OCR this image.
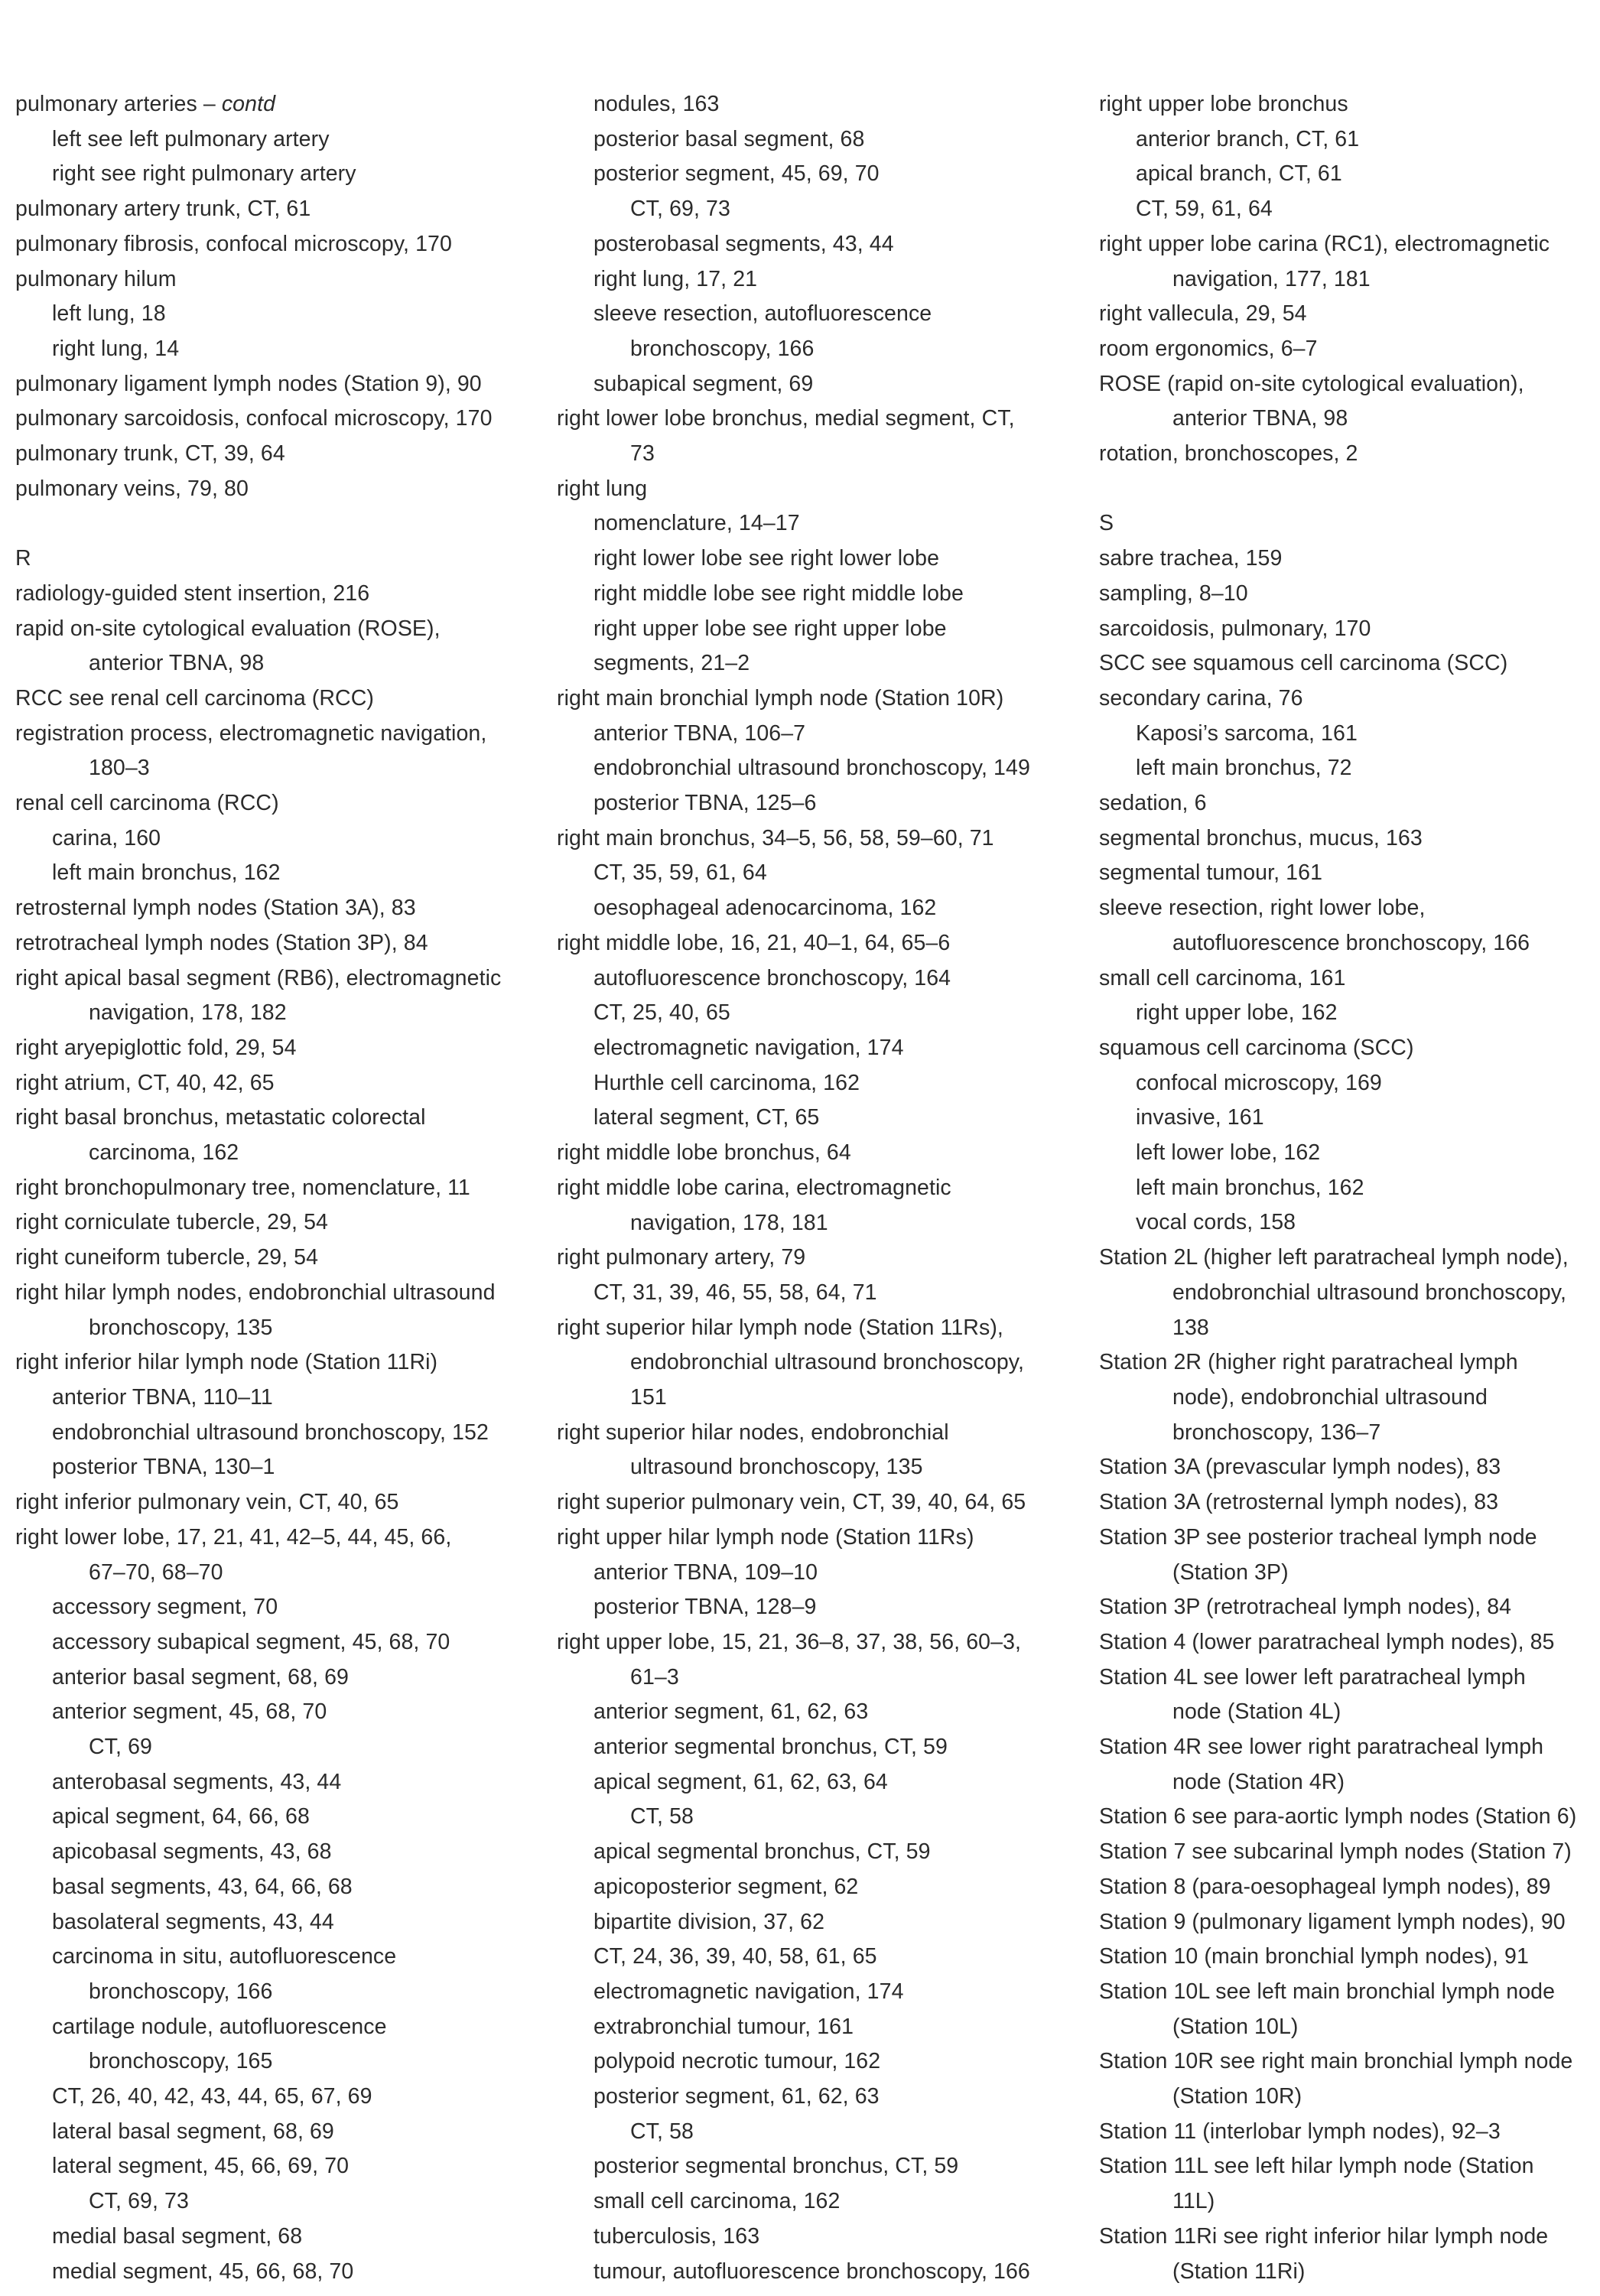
pulmonary arteries – contd
left see left pulmonary artery
right see right pulmonary artery
pulmonary artery trunk, CT, 61
pulmonary fibrosis, confocal microscopy, 170
pulmonary hilum
left lung, 18
right lung, 14
pulmonary ligament lymph nodes (Station 9), 90
pulmonary sarcoidosis, confocal microscopy, 170
pulmonary trunk, CT, 39, 64
pulmonary veins, 79, 80
R
radiology-guided stent insertion, 216
rapid on-site cytological evaluation (ROSE),
anterior TBNA, 98
RCC see renal cell carcinoma (RCC)
registration process, electromagnetic navigation,
180–3
renal cell carcinoma (RCC)
carina, 160
left main bronchus, 162
retrosternal lymph nodes (Station 3A), 83
retrotracheal lymph nodes (Station 3P), 84
right apical basal segment (RB6), electromagnetic
navigation, 178, 182
right aryepiglottic fold, 29, 54
right atrium, CT, 40, 42, 65
right basal bronchus, metastatic colorectal
carcinoma, 162
right bronchopulmonary tree, nomenclature, 11
right corniculate tubercle, 29, 54
right cuneiform tubercle, 29, 54
right hilar lymph nodes, endobronchial ultrasound
bronchoscopy, 135
right inferior hilar lymph node (Station 11Ri)
anterior TBNA, 110–11
endobronchial ultrasound bronchoscopy, 152
posterior TBNA, 130–1
right inferior pulmonary vein, CT, 40, 65
right lower lobe, 17, 21, 41, 42–5, 44, 45, 66,
67–70, 68–70
accessory segment, 70
accessory subapical segment, 45, 68, 70
anterior basal segment, 68, 69
anterior segment, 45, 68, 70
CT, 69
anterobasal segments, 43, 44
apical segment, 64, 66, 68
apicobasal segments, 43, 68
basal segments, 43, 64, 66, 68
basolateral segments, 43, 44
carcinoma in situ, autofluorescence
bronchoscopy, 166
cartilage nodule, autofluorescence
bronchoscopy, 165
CT, 26, 40, 42, 43, 44, 65, 67, 69
lateral basal segment, 68, 69
lateral segment, 45, 66, 69, 70
CT, 69, 73
medial basal segment, 68
medial segment, 45, 66, 68, 70
nodules, 163
posterior basal segment, 68
posterior segment, 45, 69, 70
CT, 69, 73
posterobasal segments, 43, 44
right lung, 17, 21
sleeve resection, autofluorescence
bronchoscopy, 166
subapical segment, 69
right lower lobe bronchus, medial segment, CT,
73
right lung
nomenclature, 14–17
right lower lobe see right lower lobe
right middle lobe see right middle lobe
right upper lobe see right upper lobe
segments, 21–2
right main bronchial lymph node (Station 10R)
anterior TBNA, 106–7
endobronchial ultrasound bronchoscopy, 149
posterior TBNA, 125–6
right main bronchus, 34–5, 56, 58, 59–60, 71
CT, 35, 59, 61, 64
oesophageal adenocarcinoma, 162
right middle lobe, 16, 21, 40–1, 64, 65–6
autofluorescence bronchoscopy, 164
CT, 25, 40, 65
electromagnetic navigation, 174
Hurthle cell carcinoma, 162
lateral segment, CT, 65
right middle lobe bronchus, 64
right middle lobe carina, electromagnetic
navigation, 178, 181
right pulmonary artery, 79
CT, 31, 39, 46, 55, 58, 64, 71
right superior hilar lymph node (Station 11Rs),
endobronchial ultrasound bronchoscopy,
151
right superior hilar nodes, endobronchial
ultrasound bronchoscopy, 135
right superior pulmonary vein, CT, 39, 40, 64, 65
right upper hilar lymph node (Station 11Rs)
anterior TBNA, 109–10
posterior TBNA, 128–9
right upper lobe, 15, 21, 36–8, 37, 38, 56, 60–3,
61–3
anterior segment, 61, 62, 63
anterior segmental bronchus, CT, 59
apical segment, 61, 62, 63, 64
CT, 58
apical segmental bronchus, CT, 59
apicoposterior segment, 62
bipartite division, 37, 62
CT, 24, 36, 39, 40, 58, 61, 65
electromagnetic navigation, 174
extrabronchial tumour, 161
polypoid necrotic tumour, 162
posterior segment, 61, 62, 63
CT, 58
posterior segmental bronchus, CT, 59
small cell carcinoma, 162
tuberculosis, 163
tumour, autofluorescence bronchoscopy, 166
right upper lobe bronchus
anterior branch, CT, 61
apical branch, CT, 61
CT, 59, 61, 64
right upper lobe carina (RC1), electromagnetic
navigation, 177, 181
right vallecula, 29, 54
room ergonomics, 6–7
ROSE (rapid on-site cytological evaluation),
anterior TBNA, 98
rotation, bronchoscopes, 2
S
sabre trachea, 159
sampling, 8–10
sarcoidosis, pulmonary, 170
SCC see squamous cell carcinoma (SCC)
secondary carina, 76
Kaposi’s sarcoma, 161
left main bronchus, 72
sedation, 6
segmental bronchus, mucus, 163
segmental tumour, 161
sleeve resection, right lower lobe,
autofluorescence bronchoscopy, 166
small cell carcinoma, 161
right upper lobe, 162
squamous cell carcinoma (SCC)
confocal microscopy, 169
invasive, 161
left lower lobe, 162
left main bronchus, 162
vocal cords, 158
Station 2L (higher left paratracheal lymph node),
endobronchial ultrasound bronchoscopy,
138
Station 2R (higher right paratracheal lymph
node), endobronchial ultrasound
bronchoscopy, 136–7
Station 3A (prevascular lymph nodes), 83
Station 3A (retrosternal lymph nodes), 83
Station 3P see posterior tracheal lymph node
(Station 3P)
Station 3P (retrotracheal lymph nodes), 84
Station 4 (lower paratracheal lymph nodes), 85
Station 4L see lower left paratracheal lymph
node (Station 4L)
Station 4R see lower right paratracheal lymph
node (Station 4R)
Station 6 see para-aortic lymph nodes (Station 6)
Station 7 see subcarinal lymph nodes (Station 7)
Station 8 (para-oesophageal lymph nodes), 89
Station 9 (pulmonary ligament lymph nodes), 90
Station 10 (main bronchial lymph nodes), 91
Station 10L see left main bronchial lymph node
(Station 10L)
Station 10R see right main bronchial lymph node
(Station 10R)
Station 11 (interlobar lymph nodes), 92–3
Station 11L see left hilar lymph node (Station
11L)
Station 11Ri see right inferior hilar lymph node
(Station 11Ri)
